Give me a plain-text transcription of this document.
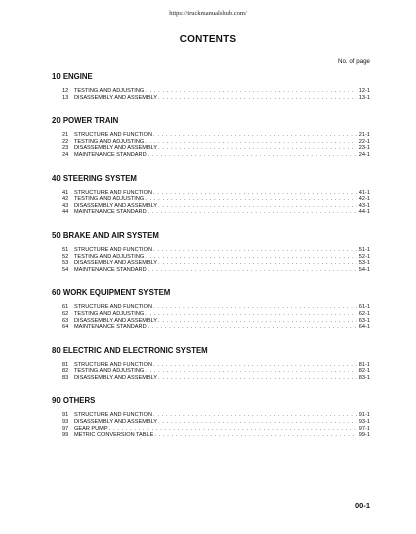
https://truckmanualshub.com/
CONTENTS
No. of page
10 ENGINE
12	TESTING AND ADJUSTING . . .	12-1
13	DISASSEMBLY AND ASSEMBLY . . .	13-1
20 POWER TRAIN
21	STRUCTURE AND FUNCTION . . .	21-1
22	TESTING AND ADJUSTING . . .	22-1
23	DISASSEMBLY AND ASSEMBLY . . .	23-1
24	MAINTENANCE STANDARD . . .	24-1
40 STEERING SYSTEM
41	STRUCTURE AND FUNCTION . . .	41-1
42	TESTING AND ADJUSTING . . .	42-1
43	DISASSEMBLY AND ASSEMBLY . . .	43-1
44	MAINTENANCE STANDARD . . .	44-1
50 BRAKE AND AIR SYSTEM
51	STRUCTURE AND FUNCTION . . .	51-1
52	TESTING AND ADJUSTING . . .	52-1
53	DISASSEMBLY AND ASSEMBLY . . .	53-1
54	MAINTENANCE STANDARD . . .	54-1
60 WORK EQUIPMENT SYSTEM
61	STRUCTURE AND FUNCTION . . .	61-1
62	TESTING AND ADJUSTING . . .	62-1
63	DISASSEMBLY AND ASSEMBLY . . .	63-1
64	MAINTENANCE STANDARD . . .	64-1
80 ELECTRIC AND ELECTRONIC SYSTEM
81	STRUCTURE AND FUNCTION . . .	81-1
82	TESTING AND ADJUSTING . . .	82-1
83	DISASSEMBLY AND ASSEMBLY . . .	83-1
90 OTHERS
91	STRUCTURE AND FUNCTION . . .	91-1
93	DISASSEMBLY AND ASSEMBLY . . .	93-1
97	GEAR PUMP . . .	97-1
99	METRIC CONVERSION TABLE . . .	99-1
00-1
